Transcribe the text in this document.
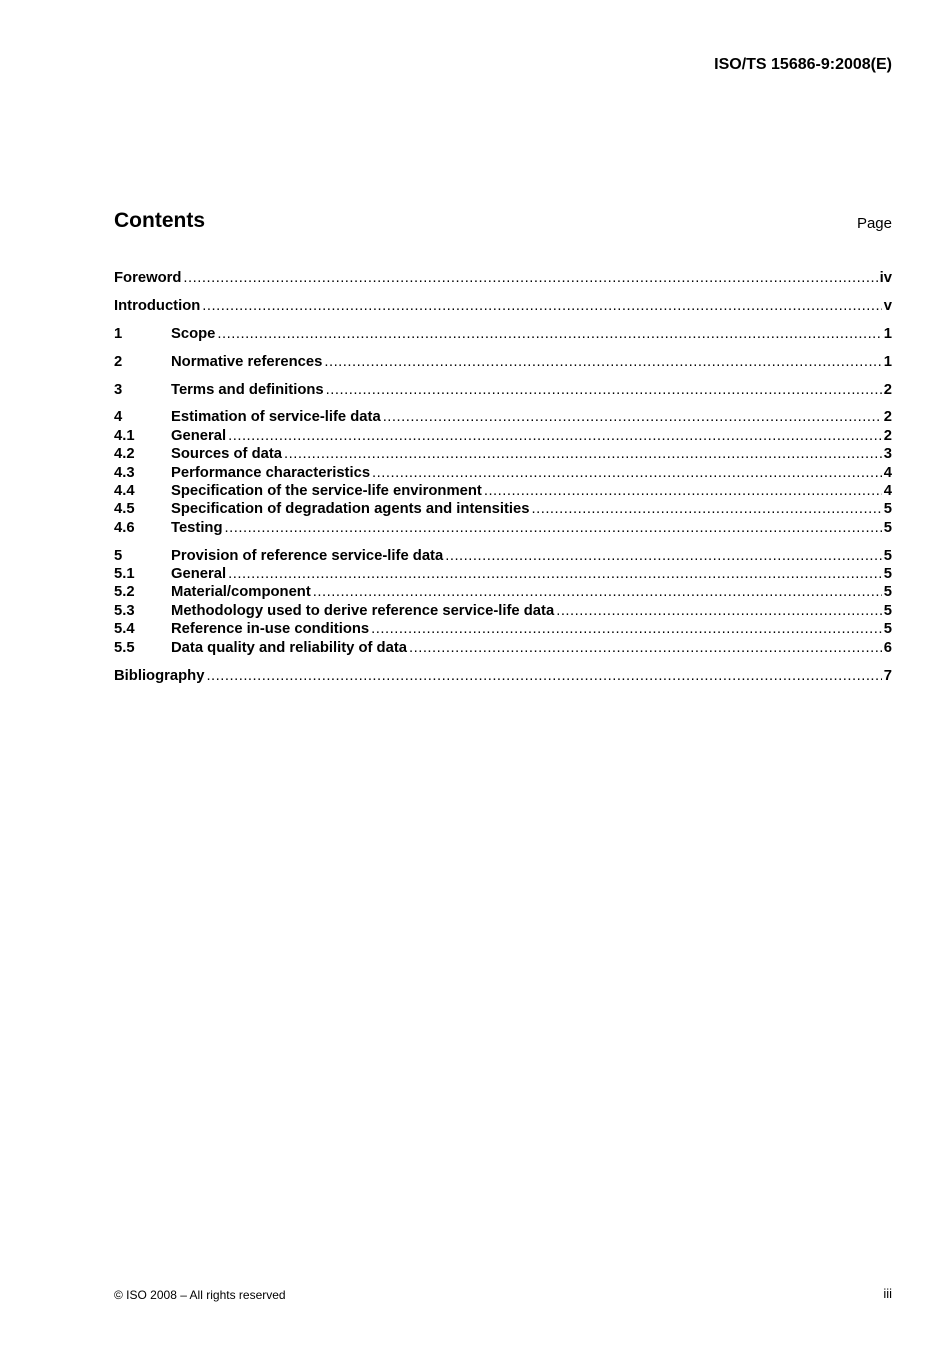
ISO/TS 15686-9:2008(E)
Contents	Page
Foreword .....	iv
Introduction .....	v
1	Scope .....	1
2	Normative references .....	1
3	Terms and definitions .....	2
4	Estimation of service-life data .....	2
4.1	General .....	2
4.2	Sources of data .....	3
4.3	Performance characteristics .....	4
4.4	Specification of the service-life environment .....	4
4.5	Specification of degradation agents and intensities .....	5
4.6	Testing .....	5
5	Provision of reference service-life data .....	5
5.1	General .....	5
5.2	Material/component .....	5
5.3	Methodology used to derive reference service-life data .....	5
5.4	Reference in-use conditions .....	5
5.5	Data quality and reliability of data .....	6
Bibliography .....	7
© ISO 2008 – All rights reserved	iii
